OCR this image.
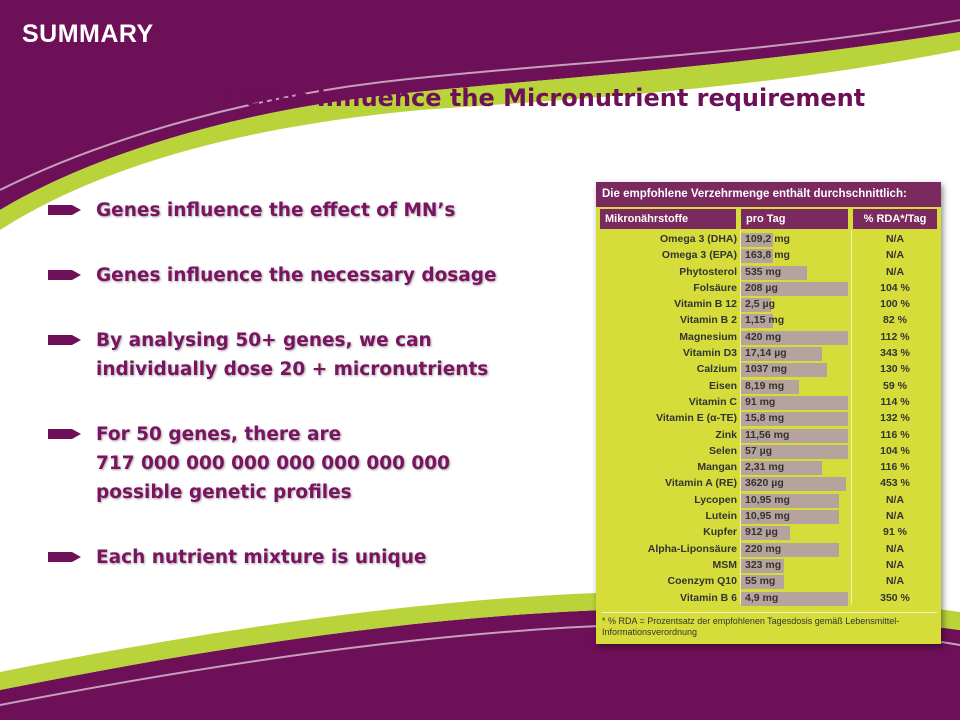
SUMMARY
Genes Influence the Micronutrient requirement
Genes influence the effect of MN’s
Genes influence the necessary dosage
By analysing 50+ genes, we can
individually dose 20 + micronutrients
For 50 genes, there are
717 000 000 000 000 000 000 000
possible genetic profiles
Each nutrient mixture is unique
Die empfohlene Verzehrmenge enthält durchschnittlich:
Mikronährstoffe	pro Tag	% RDA*/Tag
Omega 3 (DHA) 109,2 mg	N/A
Omega 3 (EPA) 163,8 mg	N/A
Phytosterol 535 mg	N/A
Folsäure 208 µg	104 %
Vitamin B 12 2,5 µg	100 %
Vitamin B 2 1,15 mg	82 %
Magnesium 420 mg	112 %
Vitamin D3 17,14 µg	343 %
Calzium 1037 mg	130 %
Eisen 8,19 mg	59 %
Vitamin C 91 mg	114 %
Vitamin E (α-TE) 15,8 mg	132 %
Zink 11,56 mg	116 %
Selen 57 µg	104 %
Mangan 2,31 mg	116 %
Vitamin A (RE) 3620 µg	453 %
Lycopen 10,95 mg	N/A
Lutein 10,95 mg	N/A
Kupfer 912 µg	91 %
Alpha-Liponsäure 220 mg	N/A
MSM 323 mg	N/A
Coenzym Q10 55 mg	N/A
Vitamin B 6 4,9 mg	350 %
* % RDA = Prozentsatz der empfohlenen Tagesdosis gemäß Lebensmittel-Informationsverordnung
